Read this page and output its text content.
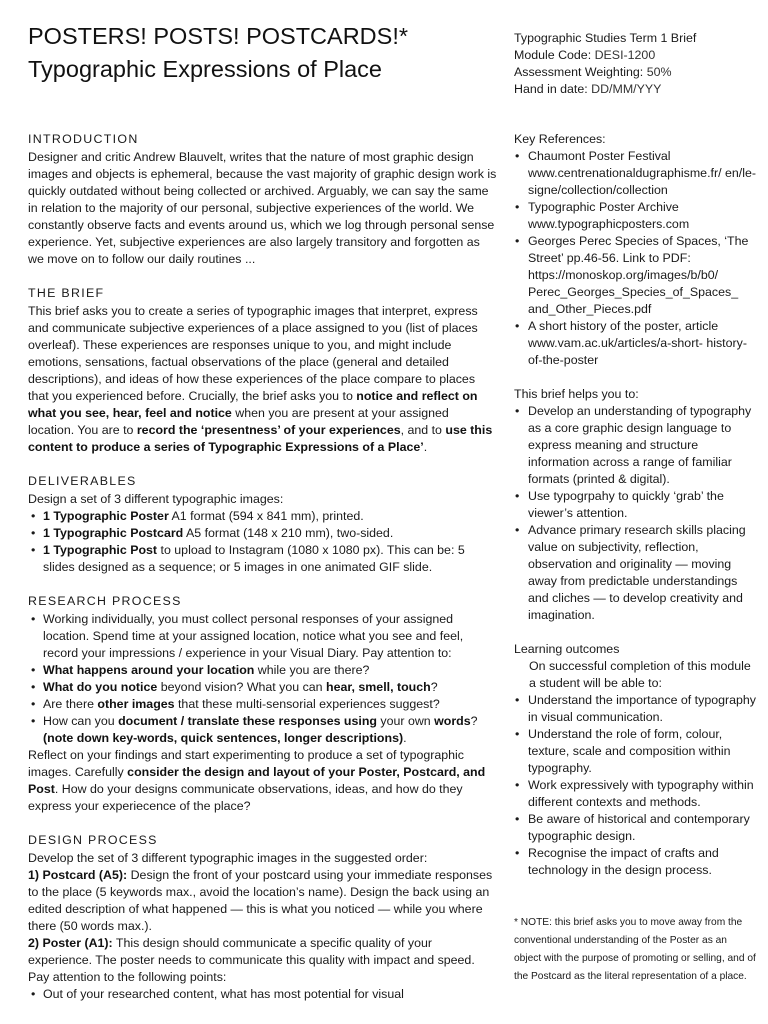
POSTERS! POSTS! POSTCARDS!*
Typographic Expressions of Place
Typographic Studies Term 1 Brief
Module Code: DESI-1200
Assessment Weighting: 50%
Hand in date: DD/MM/YYY
INTRODUCTION

Designer and critic Andrew Blauvelt, writes that the nature of most graphic design images and objects is ephemeral, because the vast majority of graphic design work is quickly outdated without being collected or archived. Arguably, we can say the same in relation to the majority of our personal, subjective experiences of the world. We constantly observe facts and events around us, which we log through personal sense experience. Yet, subjective experiences are also largely transitory and forgotten as we move on to follow our daily routines ...

THE BRIEF

This brief asks you to create a series of typographic images that interpret, express and communicate subjective experiences of a place assigned to you (list of places overleaf). These experiences are responses unique to you, and might include emotions, sensations, factual observations of the place (general and detailed descriptions), and ideas of how these experiences of the place compare to places that you experienced before. Crucially, the brief asks you to notice and reflect on what you see, hear, feel and notice when you are present at your assigned location. You are to record the ‘presentness’ of your experiences, and to use this content to produce a series of Typographic Expressions of a Place’.

DELIVERABLES

Design a set of 3 different typographic images:

• 1 Typographic Poster A1 format (594 x 841 mm), printed.
• 1 Typographic Postcard A5 format (148 x 210 mm), two-sided.
• 1 Typographic Post to upload to Instagram (1080 x 1080 px). This can be: 5 slides designed as a sequence; or 5 images in one animated GIF slide.
RESEARCH PROCESS
• Working individually, you must collect personal responses of your assigned location. Spend time at your assigned location, notice what you see and feel, record your impressions / experience in your Visual Diary. Pay attention to:
• What happens around your location while you are there?
• What do you notice beyond vision? What you can hear, smell, touch?
• Are there other images that these multi-sensorial experiences suggest?
• How can you document / translate these responses using your own words? (note down key-words, quick sentences, longer descriptions).

Reflect on your findings and start experimenting to produce a set of typographic images. Carefully consider the design and layout of your Poster, Postcard, and Post. How do your designs communicate observations, ideas, and how do they express your experiecence of the place?

DESIGN PROCESS

Develop the set of 3 different typographic images in the suggested order:

1) Postcard (A5): Design the front of your postcard using your immediate responses to the place (5 keywords max., avoid the location’s name). Design the back using an edited description of what happened — this is what you noticed — while you where there (50 words max.).

2) Poster (A1): This design should communicate a specific quality of your experience. The poster needs to communicate this quality with impact and speed. Pay attention to the following points:

• Out of your researched content, what has most potential for visual
Key References:
• Chaumont Poster Festival www.centrenationaldugraphisme.fr/ en/le-signe/collection/collection
• Typographic Poster Archive www.typographicposters.com
• Georges Perec Species of Spaces, ‘The Street’ pp.46-56. Link to PDF: https://monoskop.org/images/b/b0/ Perec_Georges_Species_of_Spaces_ and_Other_Pieces.pdf
• A short history of the poster, article www.vam.ac.uk/articles/a-short- history-of-the-poster
This brief helps you to:
• Develop an understanding of typography as a core graphic design language to express meaning and structure information across a range of familiar formats (printed & digital).
• Use typogrpahy to quickly ‘grab’ the viewer’s attention.
• Advance primary research skills placing value on subjectivity, reflection, observation and originality — moving away from predictable understandings and cliches — to develop creativity and imagination.
Learning outcomes

On successful completion of this module a student will be able to:

• Understand the importance of typography in visual communication.
• Understand the role of form, colour, texture, scale and composition within typography.
• Work expressively with typography within different contexts and methods.
• Be aware of historical and contemporary typographic design.
• Recognise the impact of crafts and technology in the design process.

* NOTE: this brief asks you to move away from the conventional understanding of the Poster as an object with the purpose of promoting or selling, and of the Postcard as the literal representation of a place.
